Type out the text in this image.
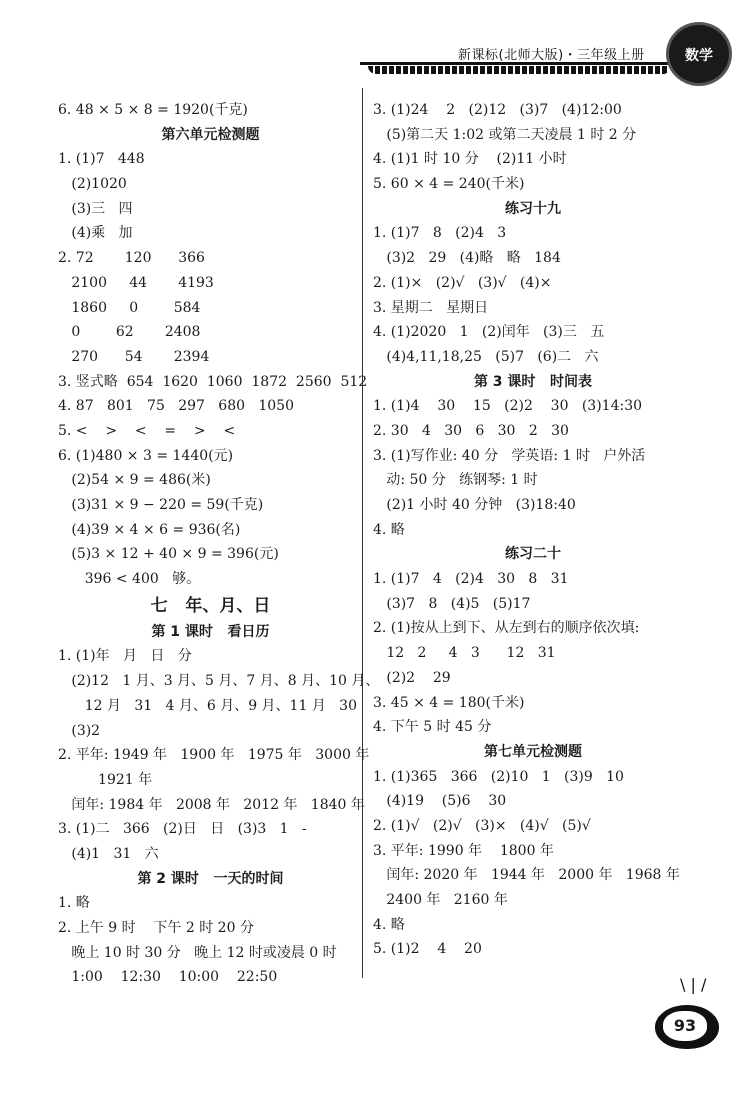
新课标(北师大版)・三年级上册	数学
6. 48 × 5 × 8 = 1920(千克)
第六单元检测题
1. (1)7   448
(2)1020
(3)三   四
(4)乘   加
2. 72       120      366
2100     44       4193
1860     0        584
0        62       2408
270      54       2394
3. 竖式略  654  1620  1060  1872  2560  512
4. 87   801   75   297   680   1050
5. <    >    <    =    >    <
6. (1)480 × 3 = 1440(元)
(2)54 × 9 = 486(米)
(3)31 × 9 − 220 = 59(千克)
(4)39 × 4 × 6 = 936(名)
(5)3 × 12 + 40 × 9 = 396(元)
396 < 400   够。
七   年、月、日
第 1 课时   看日历
1. (1)年   月   日   分
(2)12   1 月、3 月、5 月、7 月、8 月、10 月、
12 月   31   4 月、6 月、9 月、11 月   30
(3)2
2. 平年: 1949 年   1900 年   1975 年   3000 年
1921 年
闰年: 1984 年   2008 年   2012 年   1840 年
3. (1)二   366   (2)日   日   (3)3   1   -
(4)1   31   六
第 2 课时   一天的时间
1. 略
2. 上午 9 时    下午 2 时 20 分
晚上 10 时 30 分   晚上 12 时或凌晨 0 时
1:00    12:30    10:00    22:50
3. (1)24    2   (2)12   (3)7   (4)12:00
(5)第二天 1:02 或第二天凌晨 1 时 2 分
4. (1)1 时 10 分    (2)11 小时
5. 60 × 4 = 240(千米)
练习十九
1. (1)7   8   (2)4   3
(3)2   29   (4)略   略   184
2. (1)×   (2)√   (3)√   (4)×
3. 星期二   星期日
4. (1)2020   1   (2)闰年   (3)三   五
(4)4,11,18,25   (5)7   (6)二   六
第 3 课时   时间表
1. (1)4    30    15   (2)2    30   (3)14:30
2. 30   4   30   6   30   2   30
3. (1)写作业: 40 分   学英语: 1 时   户外活
动: 50 分   练钢琴: 1 时
(2)1 小时 40 分钟   (3)18:40
4. 略
练习二十
1. (1)7   4   (2)4   30   8   31
(3)7   8   (4)5   (5)17
2. (1)按从上到下、从左到右的顺序依次填:
12   2     4   3      12   31
(2)2    29
3. 45 × 4 = 180(千米)
4. 下午 5 时 45 分
第七单元检测题
1. (1)365   366   (2)10   1   (3)9   10
(4)19    (5)6    30
2. (1)√   (2)√   (3)×   (4)√   (5)√
3. 平年: 1990 年    1800 年
闰年: 2020 年   1944 年   2000 年   1968 年
2400 年   2160 年
4. 略
5. (1)2    4    20
\ | /
93
